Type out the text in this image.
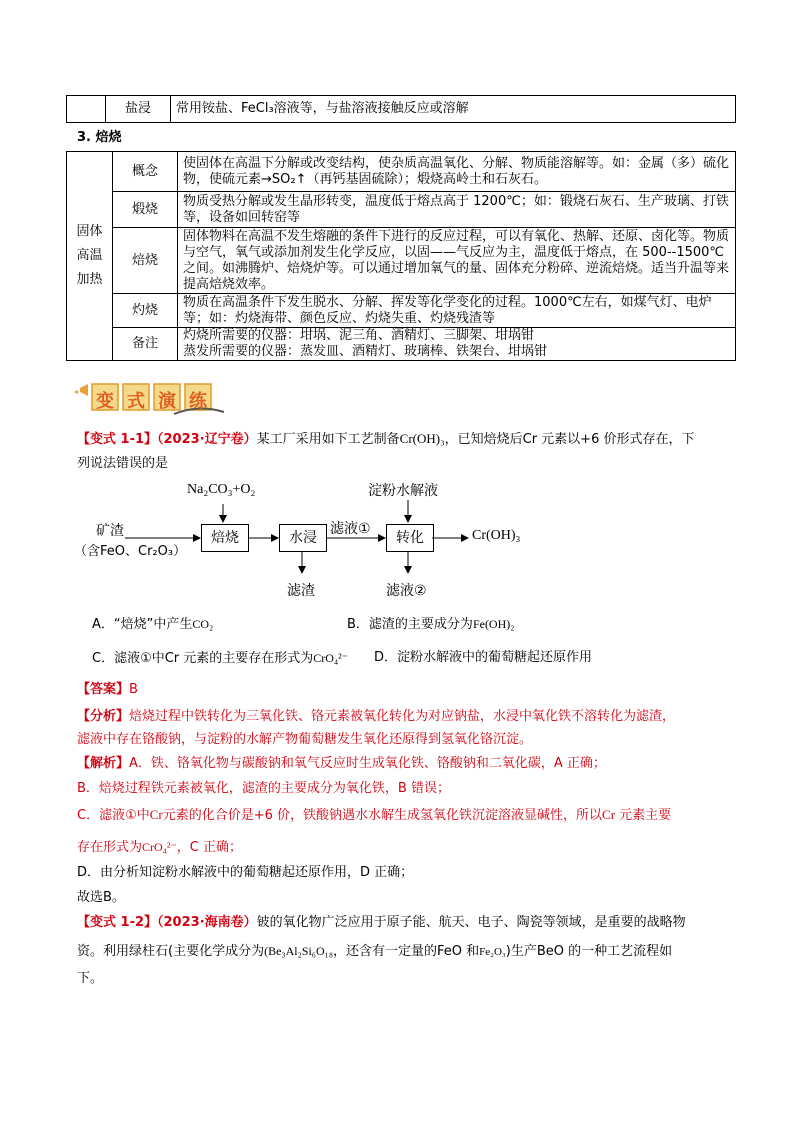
	盐浸	常用铵盐、FeCl₃溶液等，与盐溶液接触反应或溶解
3. 焙烧
固体高温加热	概念	使固体在高温下分解或改变结构，使杂质高温氧化、分解、物质能溶解等。如：金属（多）硫化物，使硫元素→SO₂↑（再钙基固硫除）；煅烧高岭土和石灰石。
	煅烧	物质受热分解或发生晶形转变，温度低于熔点高于 1200℃；如：锻烧石灰石、生产玻璃、打铁等，设备如回转窑等
	焙烧	固体物料在高温不发生熔融的条件下进行的反应过程，可以有氧化、热解、还原、卤化等。物质与空气，氧气或添加剂发生化学反应，以固——气反应为主，温度低于熔点，在 500--1500℃之间。如沸腾炉、焙烧炉等。可以通过增加氧气的量、固体充分粉碎、逆流焙烧。适当升温等来提高焙烧效率。
	灼烧	物质在高温条件下发生脱水、分解、挥发等化学变化的过程。1000℃左右，如煤气灯、电炉等；如：灼烧海带、颜色反应、灼烧失重、灼烧残渣等
	备注	灼烧所需要的仪器：坩埚、泥三角、酒精灯、三脚架、坩埚钳
蒸发所需要的仪器：蒸发皿、酒精灯、玻璃棒、铁架台、坩埚钳
变式演练
【变式 1-1】（2023·辽宁卷）某工厂采用如下工艺制备Cr(OH)₃，已知焙烧后Cr 元素以+6 价形式存在，下
列说法错误的是
Na₂CO₃+O₂	淀粉水解液
矿渣
（含FeO、Cr₂O₃）
焙烧	水浸
滤液①
转化	Cr(OH)₃
滤渣	滤液②
A．“焙烧”中产生CO₂	B．滤渣的主要成分为Fe(OH)₂
C．滤液①中Cr 元素的主要存在形式为CrO₄²⁻ D．淀粉水解液中的葡萄糖起还原作用
【答案】B
【分析】焙烧过程中铁转化为三氧化铁、铬元素被氧化转化为对应钠盐，水浸中氧化铁不溶转化为滤渣，
滤液中存在铬酸钠，与淀粉的水解产物葡萄糖发生氧化还原得到氢氧化铬沉淀。
【解析】A．铁、铬氧化物与碳酸钠和氧气反应时生成氧化铁、铬酸钠和二氧化碳，A 正确；
B．焙烧过程铁元素被氧化，滤渣的主要成分为氧化铁，B 错误；
C．滤液①中Cr元素的化合价是+6 价，铁酸钠遇水水解生成氢氧化铁沉淀溶液显碱性，所以Cr 元素主要
存在形式为CrO₄²⁻，C 正确；
D．由分析知淀粉水解液中的葡萄糖起还原作用，D 正确；
故选B。
【变式 1-2】（2023·海南卷）铍的氧化物广泛应用于原子能、航天、电子、陶瓷等领域，是重要的战略物
资。利用绿柱石(主要化学成分为(Be₃Al₂Si₆O₁₈，还含有一定量的FeO 和Fe₂O₃)生产BeO 的一种工艺流程如
下。
